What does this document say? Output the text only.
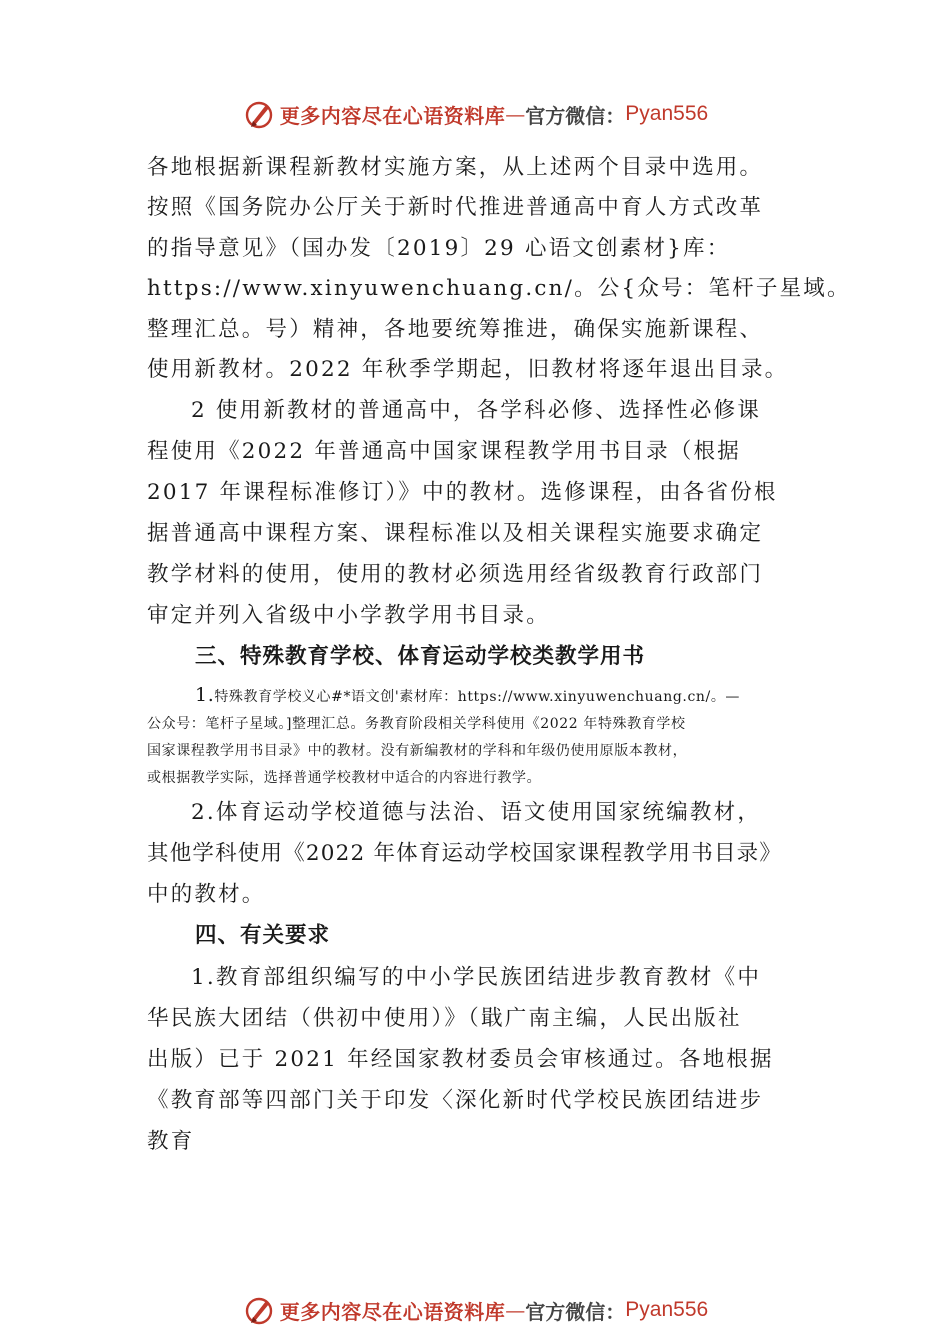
更多内容尽在心语资料库 — 官方微信： Pyan556

各地根据新课程新教材实施方案，从上述两个目录中选用。

按照《国务院办公厅关于新时代推进普通高中育人方式改革

的指导意见》（国办发〔2019〕29 心语文创素材}库：

https://www.xinyuwenchuang.cn/。公{众号：笔杆子星域。

整理汇总。号）精神，各地要统筹推进，确保实施新课程、

使用新教材。2022 年秋季学期起，旧教材将逐年退出目录。

2 使用新教材的普通高中，各学科必修、选择性必修课

程使用《2022 年普通高中国家课程教学用书目录（根据

2017 年课程标准修订）》中的教材。选修课程，由各省份根

据普通高中课程方案、课程标准以及相关课程实施要求确定

教学材料的使用，使用的教材必须选用经省级教育行政部门

审定并列入省级中小学教学用书目录。

三、特殊教育学校、体育运动学校类教学用书

1.特殊教育学校义心#*语文创'素材库：https://www.xinyuwenchuang.cn/。—

公众号：笔杆子星域。]整理汇总。务教育阶段相关学科使用《2022 年特殊教育学校

国家课程教学用书目录》中的教材。没有新编教材的学科和年级仍使用原版本教材，

或根据教学实际，选择普通学校教材中适合的内容进行教学。

2.体育运动学校道德与法治、语文使用国家统编教材，

其他学科使用《2022 年体育运动学校国家课程教学用书目录》

中的教材。

四、有关要求

1.教育部组织编写的中小学民族团结进步教育教材《中

华民族大团结（供初中使用）》（戢广南主编，人民出版社

出版）已于 2021 年经国家教材委员会审核通过。各地根据

《教育部等四部门关于印发〈深化新时代学校民族团结进步

教育

更多内容尽在心语资料库 — 官方微信： Pyan556
